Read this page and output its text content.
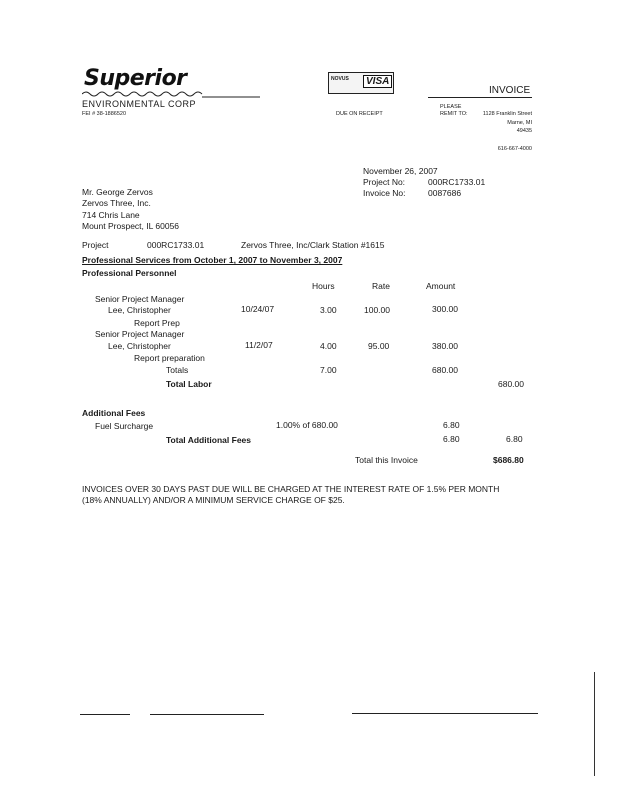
Superior
ENVIRONMENTAL CORP
FEI # 38-1886520
NOVUS	VISA
INVOICE
DUE ON RECEIPT
PLEASE
REMIT TO:	1128 Franklin Street
Marne, MI
49435
616-667-4000
November 26, 2007
Project No:	000RC1733.01
Invoice No:	0087686
Mr. George Zervos
Zervos Three, Inc.
714 Chris Lane
Mount Prospect, IL 60056
Project	000RC1733.01	Zervos Three, Inc/Clark Station #1615
Professional Services from October 1, 2007 to November 3, 2007
Professional Personnel
Hours	Rate	Amount
Senior Project Manager
Lee, Christopher	10/24/07	3.00	100.00	300.00
Report Prep
Senior Project Manager
Lee, Christopher	11/2/07	4.00	95.00	380.00
Report preparation
Totals	7.00	680.00
Total Labor	680.00
Additional Fees
Fuel Surcharge	1.00% of 680.00	6.80
Total Additional Fees	6.80	6.80
Total this Invoice	$686.80
INVOICES OVER 30 DAYS PAST DUE WILL BE CHARGED AT THE INTEREST RATE OF 1.5% PER MONTH (18% ANNUALLY) AND/OR A MINIMUM SERVICE CHARGE OF $25.
